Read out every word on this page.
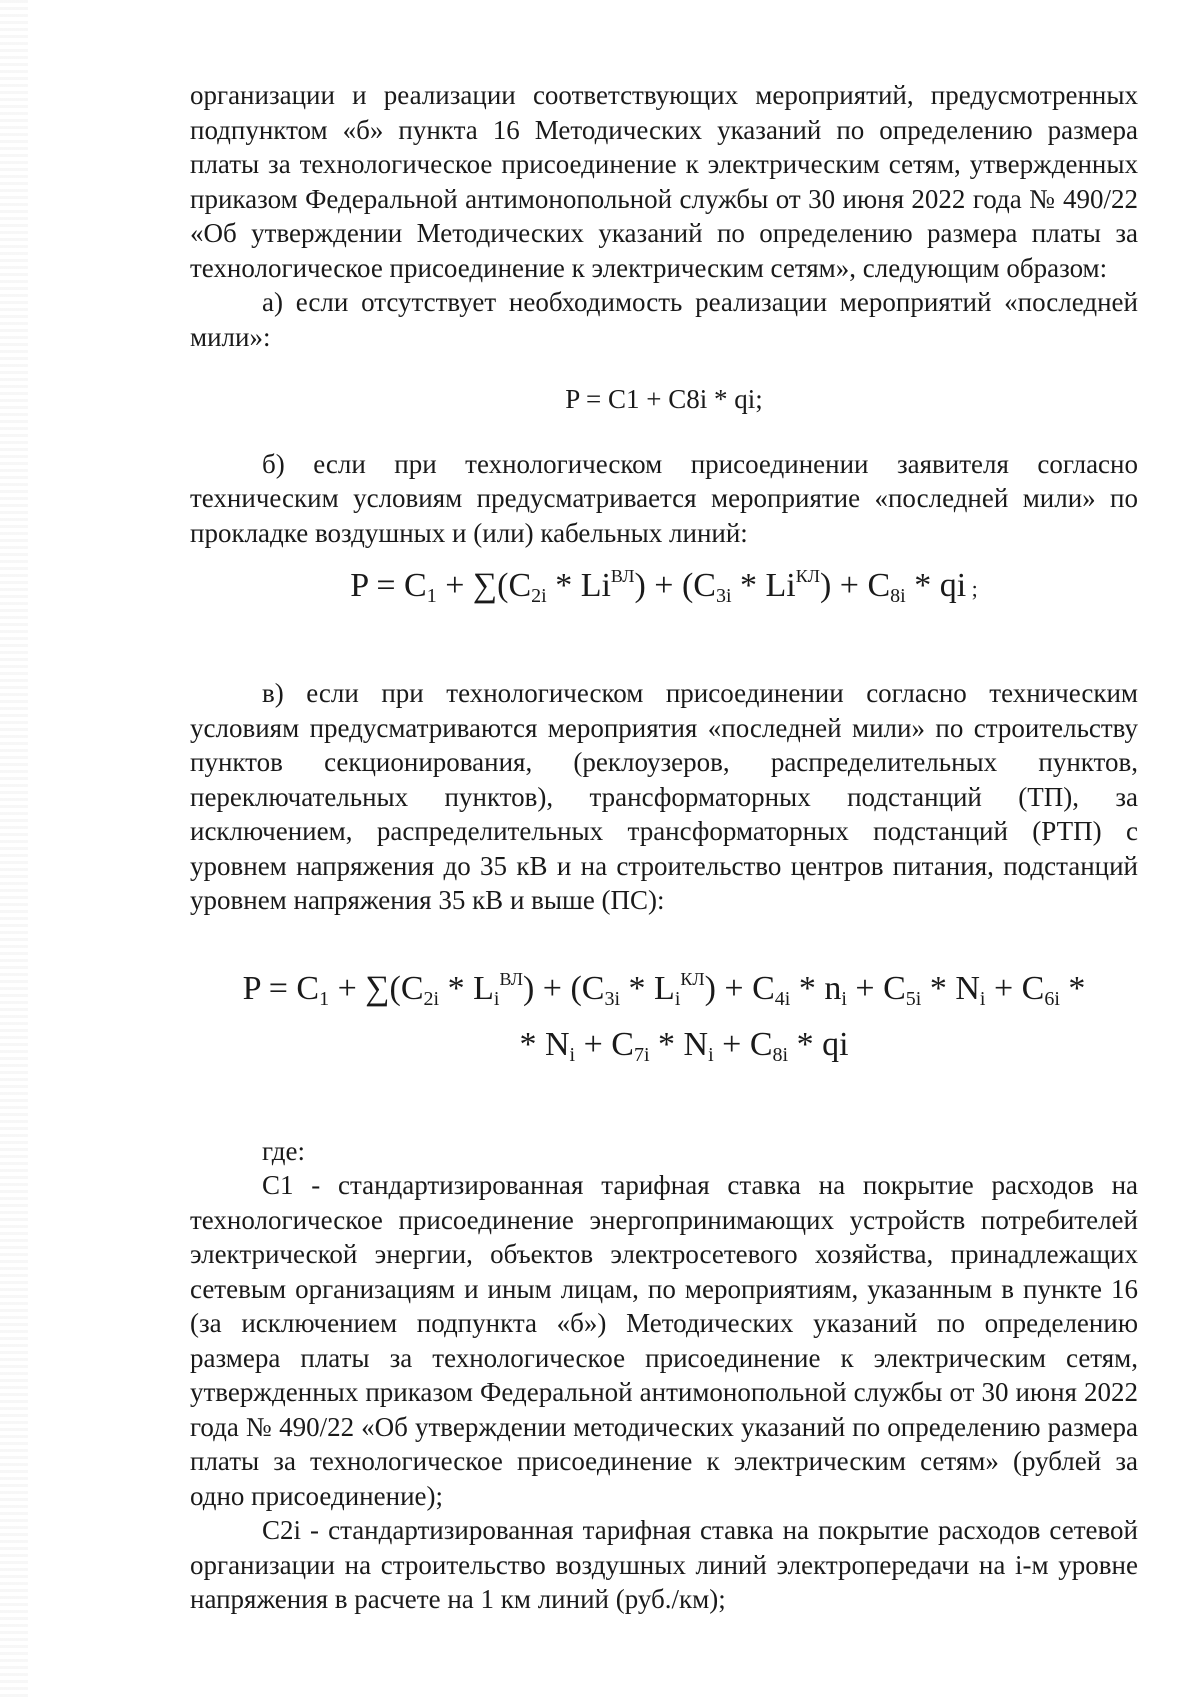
организации и реализации соответствующих мероприятий, предусмотренных подпунктом «б» пункта 16 Методических указаний по определению размера платы за технологическое присоединение к электрическим сетям, утвержденных приказом Федеральной антимонопольной службы от 30 июня 2022 года № 490/22 «Об утверждении Методических указаний по определению размера платы за технологическое присоединение к электрическим сетям», следующим образом:

а) если отсутствует необходимость реализации мероприятий «последней мили»:

P = C1 + C8i * qi;

б) если при технологическом присоединении заявителя согласно техническим условиям предусматривается мероприятие «последней мили» по прокладке воздушных и (или) кабельных линий:

$P = C_1 + \sum(C_{2i} * Li^{ВЛ}) + (C_{3i} * Li^{КЛ}) + C_{8i}$ * qi ;

в) если при технологическом присоединении согласно техническим условиям предусматриваются мероприятия «последней мили» по строительству пунктов секционирования, (реклоузеров, распределительных пунктов, переключательных пунктов), трансформаторных подстанций (ТП), за исключением, распределительных трансформаторных подстанций (РТП) с уровнем напряжения до 35 кВ и на строительство центров питания, подстанций уровнем напряжения 35 кВ и выше (ПС):

$P = C_1 + \sum(C_{2i} * L_i^{ВЛ}) + (C_{3i} * L_i^{КЛ}) + C_{4i} * n_i + C_{5i} * N_i + C_{6i}$ *

* $N_i + C_{7i} * N_i + C_{8i}$ * qi

где:

С1 - стандартизированная тарифная ставка на покрытие расходов на технологическое присоединение энергопринимающих устройств потребителей электрической энергии, объектов электросетевого хозяйства, принадлежащих сетевым организациям и иным лицам, по мероприятиям, указанным в пункте 16 (за исключением подпункта «б») Методических указаний по определению размера платы за технологическое присоединение к электрическим сетям, утвержденных приказом Федеральной антимонопольной службы от 30 июня 2022 года № 490/22 «Об утверждении методических указаний по определению размера платы за технологическое присоединение к электрическим сетям» (рублей за одно присоединение);

С2i - стандартизированная тарифная ставка на покрытие расходов сетевой организации на строительство воздушных линий электропередачи на i-м уровне напряжения в расчете на 1 км линий (руб./км);
